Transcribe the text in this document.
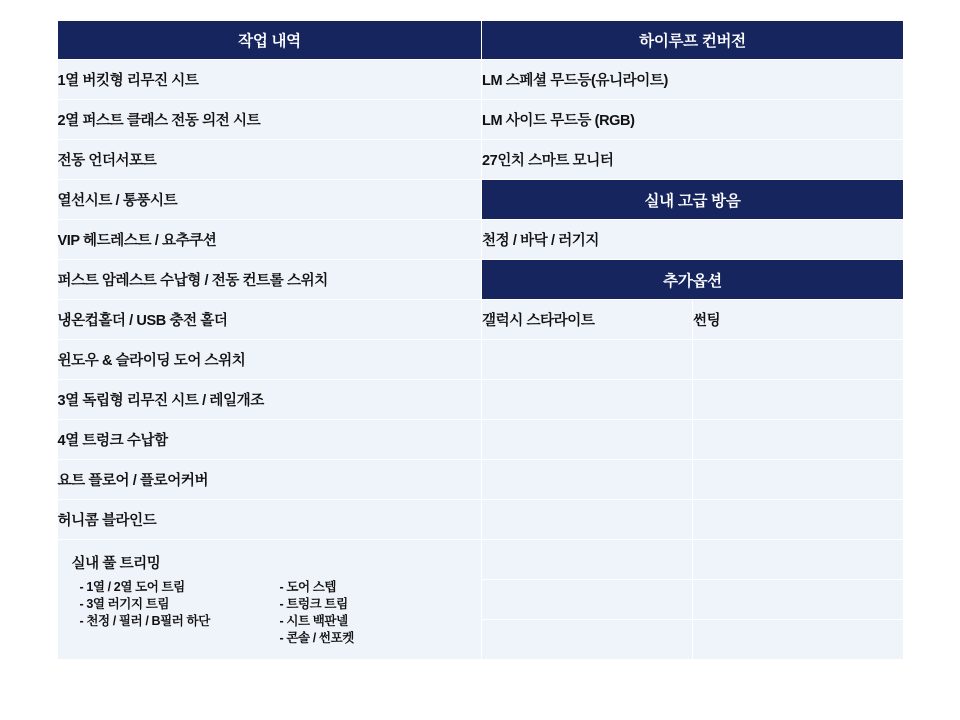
작업 내역	하이루프 컨버전	
1열 버킷형 리무진 시트	LM 스페셜 무드등(유니라이트)	
2열 퍼스트 클래스 전동 의전 시트	LM 사이드 무드등 (RGB)	
전동 언더서포트	27인치 스마트 모니터	
열선시트 / 통풍시트	실내 고급 방음	
VIP 헤드레스트 / 요추쿠션	천정 / 바닥 / 러기지	
퍼스트 암레스트 수납형 / 전동 컨트롤 스위치	추가옵션	
냉온컵홀더 / USB 충전 홀더	갤럭시 스타라이트	썬팅
윈도우 & 슬라이딩 도어 스위치		
3열 독립형 리무진 시트 / 레일개조		
4열 트렁크 수납함		
요트 플로어 / 플로어커버		
허니콤 블라인드		

실내 풀 트리밍
- 1열 / 2열 도어 트림
- 3열 러기지 트림
- 천정 / 필러 / B필러 하단
- 도어 스텝
- 트렁크 트림
- 시트 백판넬
- 콘솔 / 썬포켓
